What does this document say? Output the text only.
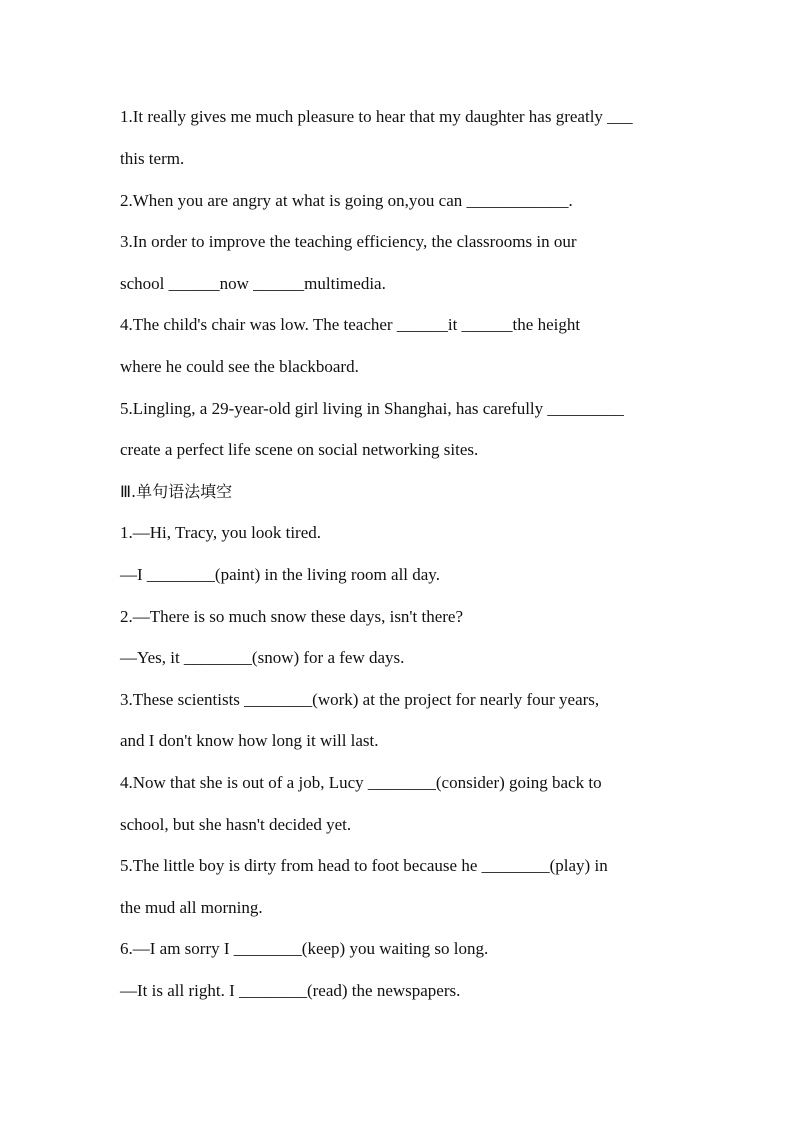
1.It really gives me much pleasure to hear that my daughter has greatly ___
this term.
2.When you are angry at what is going on,you can ____________.
3.In order to improve the teaching efficiency, the classrooms in our
school ______now ______multimedia.
4.The child's chair was low. The teacher ______it ______the height
where he could see the blackboard.
5.Lingling, a 29-year-old girl living in Shanghai, has carefully _________
create a perfect life scene on social networking sites.
Ⅲ.单句语法填空
1.—Hi, Tracy, you look tired.
—I ________(paint) in the living room all day.
2.—There is so much snow these days, isn't there?
—Yes, it ________(snow) for a few days.
3.These scientists ________(work) at the project for nearly four years,
and I don't know how long it will last.
4.Now that she is out of a job, Lucy ________(consider) going back to
school, but she hasn't decided yet.
5.The little boy is dirty from head to foot because he ________(play) in
the mud all morning.
6.—I am sorry I ________(keep) you waiting so long.
—It is all right. I ________(read) the newspapers.
